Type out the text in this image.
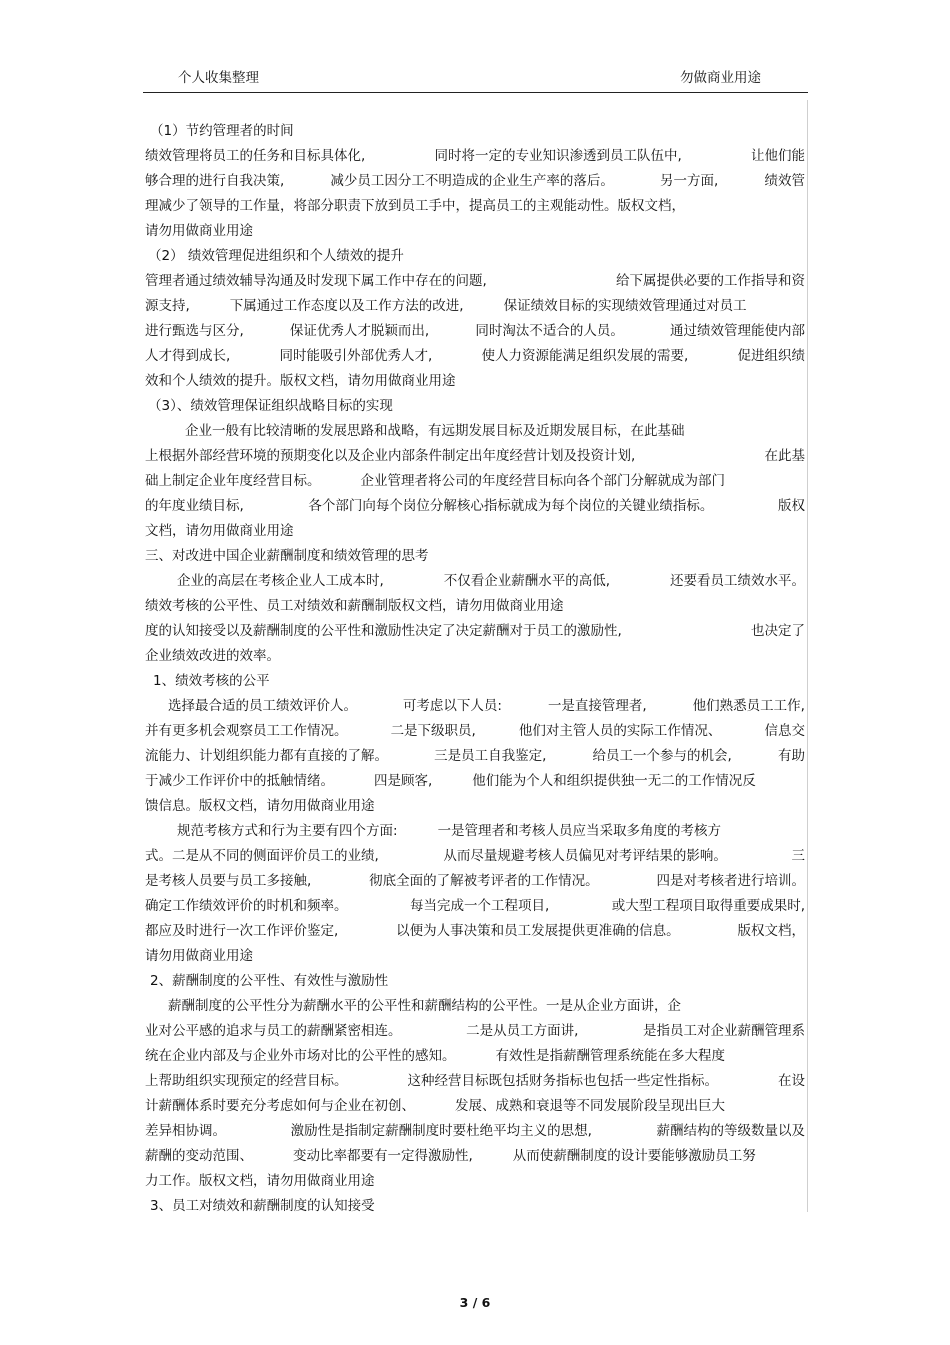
个人收集整理	勿做商业用途
（1）节约管理者的时间
绩效管理将员工的任务和目标具体化,	同时将一定的专业知识渗透到员工队伍中,	让他们能
够合理的进行自我决策,	减少员工因分工不明造成的企业生产率的落后。	另一方面,	绩效管
理减少了领导的工作量，将部分职责下放到员工手中，提高员工的主观能动性。版权文档，
请勿用做商业用途
（2） 绩效管理促进组织和个人绩效的提升
管理者通过绩效辅导沟通及时发现下属工作中存在的问题,	给下属提供必要的工作指导和资
源支持,	下属通过工作态度以及工作方法的改进,	保证绩效目标的实现绩效管理通过对员工
进行甄选与区分,	保证优秀人才脱颖而出,	同时淘汰不适合的人员。	通过绩效管理能使内部
人才得到成长,	同时能吸引外部优秀人才,	使人力资源能满足组织发展的需要,	促进组织绩
效和个人绩效的提升。版权文档，请勿用做商业用途
（3）、绩效管理保证组织战略目标的实现
企业一般有比较清晰的发展思路和战略，有远期发展目标及近期发展目标，在此基础
上根据外部经营环境的预期变化以及企业内部条件制定出年度经营计划及投资计划,	在此基
础上制定企业年度经营目标。	企业管理者将公司的年度经营目标向各个部门分解就成为部门
的年度业绩目标,	各个部门向每个岗位分解核心指标就成为每个岗位的关键业绩指标。	版权
文档，请勿用做商业用途
三、对改进中国企业薪酬制度和绩效管理的思考
企业的高层在考核企业人工成本时,	不仅看企业薪酬水平的高低,	还要看员工绩效水平。
绩效考核的公平性、员工对绩效和薪酬制版权文档，请勿用做商业用途
度的认知接受以及薪酬制度的公平性和激励性决定了决定薪酬对于员工的激励性,	也决定了
企业绩效改进的效率。
1、绩效考核的公平
选择最合适的员工绩效评价人。	可考虑以下人员:	一是直接管理者,	他们熟悉员工工作,
并有更多机会观察员工工作情况。	二是下级职员,	他们对主管人员的实际工作情况、	信息交
流能力、计划组织能力都有直接的了解。	三是员工自我鉴定,	给员工一个参与的机会,	有助
于减少工作评价中的抵触情绪。	四是顾客,	他们能为个人和组织提供独一无二的工作情况反
馈信息。版权文档，请勿用做商业用途
规范考核方式和行为主要有四个方面:	一是管理者和考核人员应当采取多角度的考核方
式。二是从不同的侧面评价员工的业绩,	从而尽量规避考核人员偏见对考评结果的影响。	三
是考核人员要与员工多接触,	彻底全面的了解被考评者的工作情况。	四是对考核者进行培训。
确定工作绩效评价的时机和频率。	每当完成一个工程项目,	或大型工程项目取得重要成果时,
都应及时进行一次工作评价鉴定,	以便为人事决策和员工发展提供更准确的信息。	版权文档，
请勿用做商业用途
2、薪酬制度的公平性、有效性与激励性
薪酬制度的公平性分为薪酬水平的公平性和薪酬结构的公平性。一是从企业方面讲，企
业对公平感的追求与员工的薪酬紧密相连。	二是从员工方面讲,	是指员工对企业薪酬管理系
统在企业内部及与企业外市场对比的公平性的感知。	有效性是指薪酬管理系统能在多大程度
上帮助组织实现预定的经营目标。	这种经营目标既包括财务指标也包括一些定性指标。	在设
计薪酬体系时要充分考虑如何与企业在初创、	发展、成熟和衰退等不同发展阶段呈现出巨大
差异相协调。	激励性是指制定薪酬制度时要杜绝平均主义的思想,	薪酬结构的等级数量以及
薪酬的变动范围、	变动比率都要有一定得激励性,	从而使薪酬制度的设计要能够激励员工努
力工作。版权文档，请勿用做商业用途
3、员工对绩效和薪酬制度的认知接受
3 / 6
